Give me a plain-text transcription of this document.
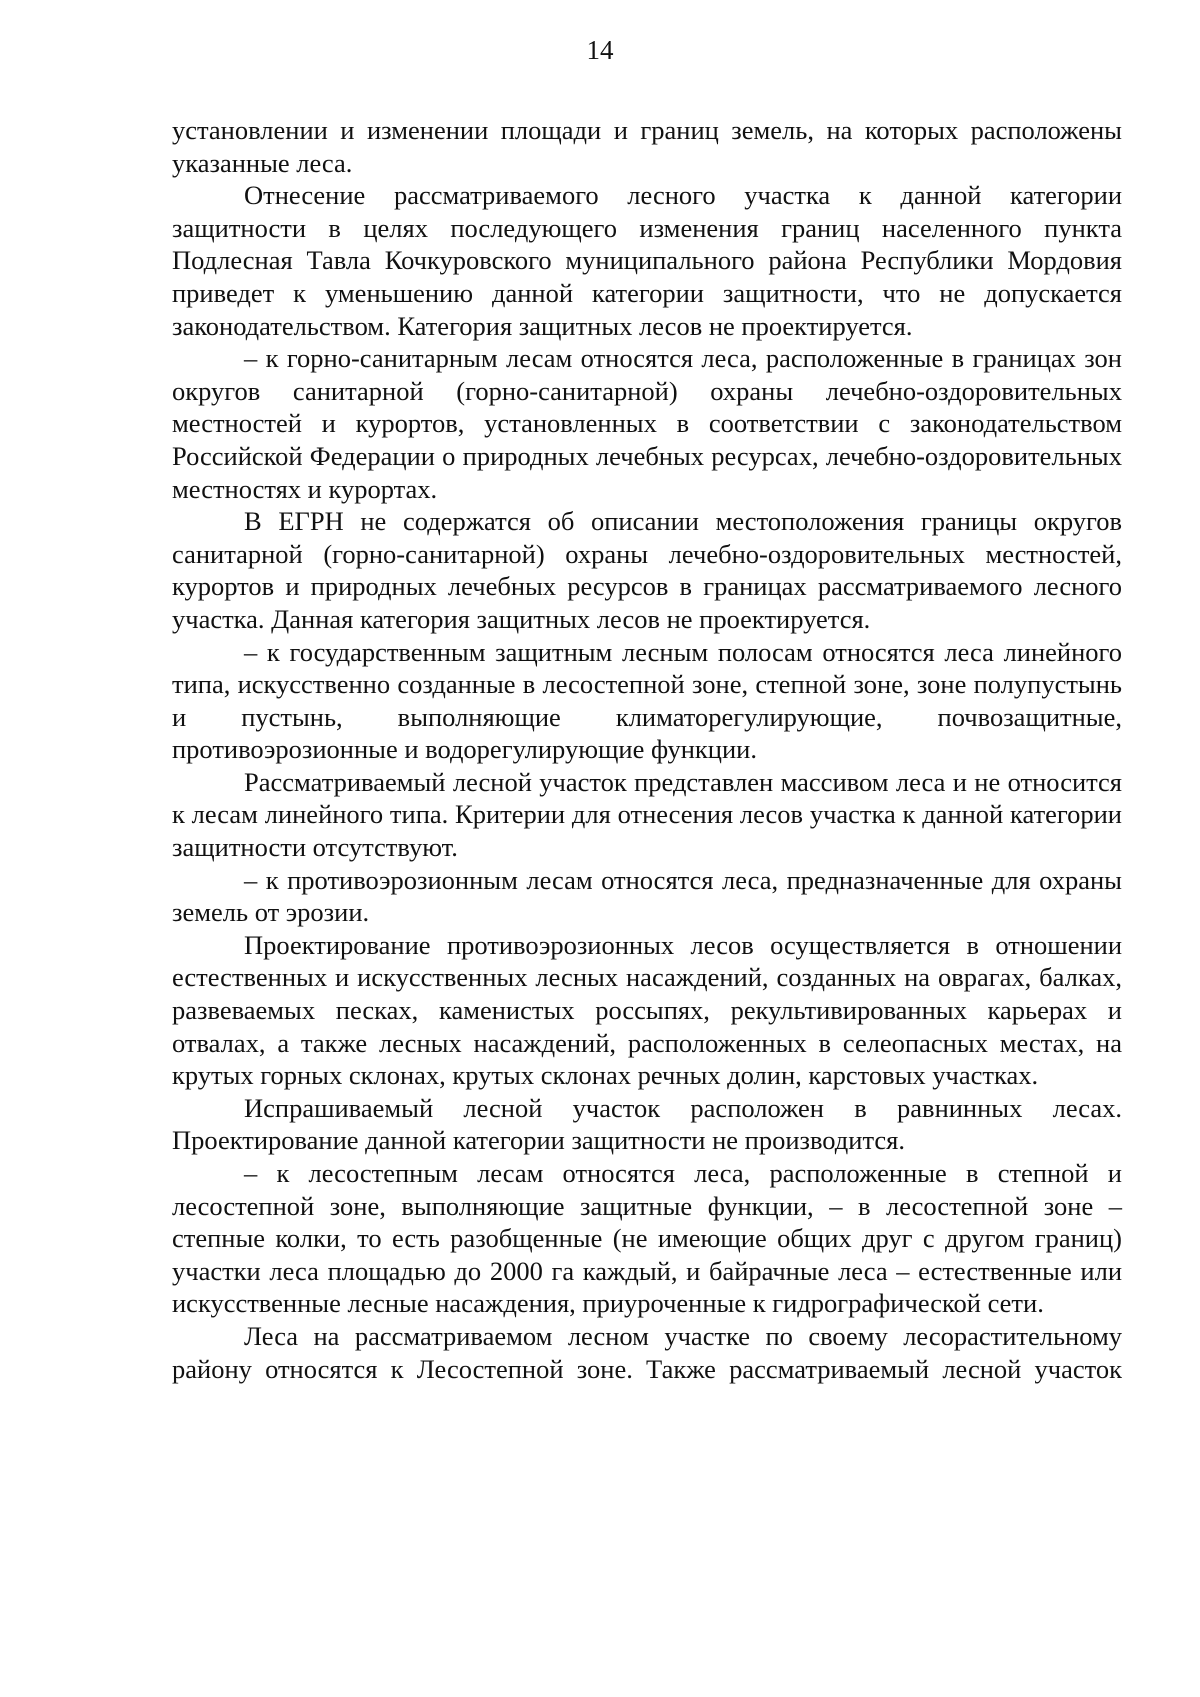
14

установлении и изменении площади и границ земель, на которых расположены указанные леса.

Отнесение рассматриваемого лесного участка к данной категории защитности в целях последующего изменения границ населенного пункта Подлесная Тавла Кочкуровского муниципального района Республики Мордовия приведет к уменьшению данной категории защитности, что не допускается законодательством. Категория защитных лесов не проектируется.

– к горно-санитарным лесам относятся леса, расположенные в границах зон округов санитарной (горно-санитарной) охраны лечебно-оздоровительных местностей и курортов, установленных в соответствии с законодательством Российской Федерации о природных лечебных ресурсах, лечебно-оздоровительных местностях и курортах.

В ЕГРН не содержатся об описании местоположения границы округов санитарной (горно-санитарной) охраны лечебно-оздоровительных местностей, курортов и природных лечебных ресурсов в границах рассматриваемого лесного участка. Данная категория защитных лесов не проектируется.

– к государственным защитным лесным полосам относятся леса линейного типа, искусственно созданные в лесостепной зоне, степной зоне, зоне полупустынь и пустынь, выполняющие климаторегулирующие, почвозащитные, противоэрозионные и водорегулирующие функции.

Рассматриваемый лесной участок представлен массивом леса и не относится к лесам линейного типа. Критерии для отнесения лесов участка к данной категории защитности отсутствуют.

– к противоэрозионным лесам относятся леса, предназначенные для охраны земель от эрозии.

Проектирование противоэрозионных лесов осуществляется в отношении естественных и искусственных лесных насаждений, созданных на оврагах, балках, развеваемых песках, каменистых россыпях, рекультивированных карьерах и отвалах, а также лесных насаждений, расположенных в селеопасных местах, на крутых горных склонах, крутых склонах речных долин, карстовых участках.

Испрашиваемый лесной участок расположен в равнинных лесах. Проектирование данной категории защитности не производится.

– к лесостепным лесам относятся леса, расположенные в степной и лесостепной зоне, выполняющие защитные функции, – в лесостепной зоне – степные колки, то есть разобщенные (не имеющие общих друг с другом границ) участки леса площадью до 2000 га каждый, и байрачные леса – естественные или искусственные лесные насаждения, приуроченные к гидрографической сети.

Леса на рассматриваемом лесном участке по своему лесорастительному району относятся к Лесостепной зоне. Также рассматриваемый лесной участок
